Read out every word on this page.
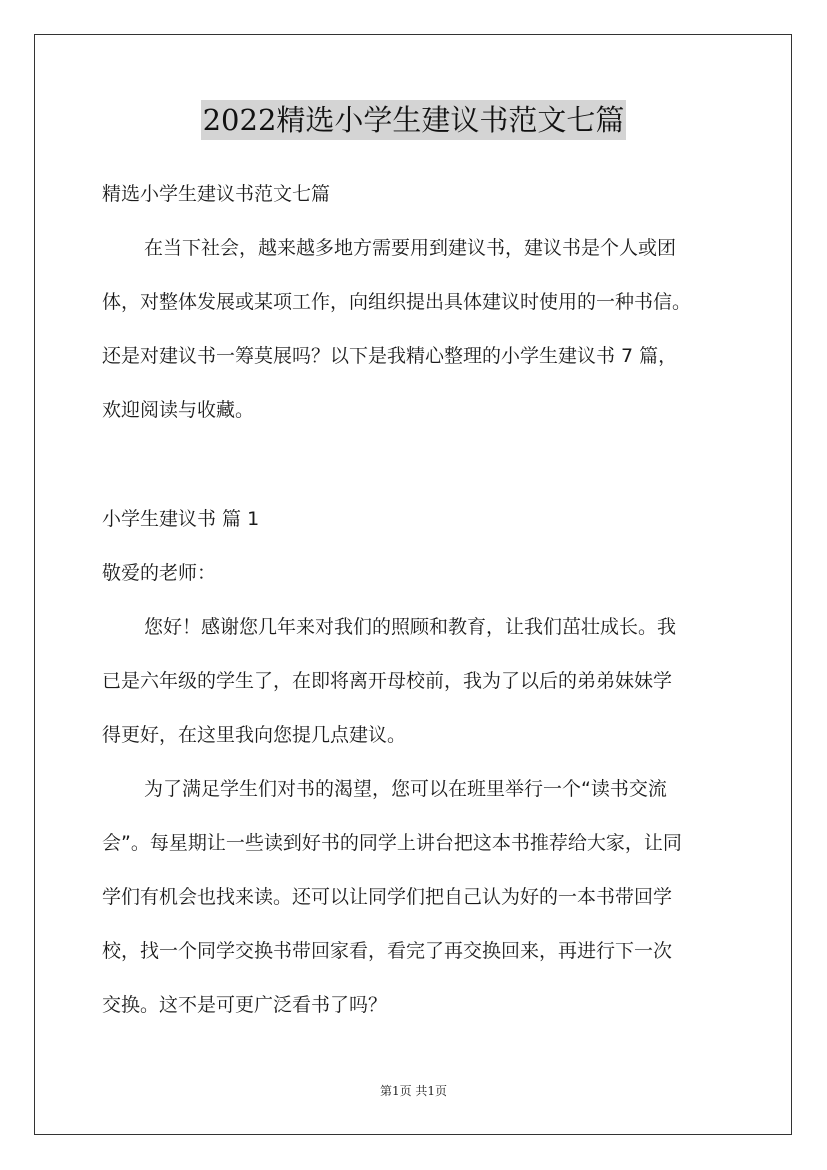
2022精选小学生建议书范文七篇
精选小学生建议书范文七篇
在当下社会，越来越多地方需要用到建议书，建议书是个人或团
体，对整体发展或某项工作，向组织提出具体建议时使用的一种书信。
还是对建议书一筹莫展吗？以下是我精心整理的小学生建议书 7 篇，
欢迎阅读与收藏。
小学生建议书 篇 1
敬爱的老师：
您好！感谢您几年来对我们的照顾和教育，让我们茁壮成长。我
已是六年级的学生了，在即将离开母校前，我为了以后的弟弟妹妹学
得更好，在这里我向您提几点建议。
为了满足学生们对书的渴望，您可以在班里举行一个“读书交流
会”。每星期让一些读到好书的同学上讲台把这本书推荐给大家，让同
学们有机会也找来读。还可以让同学们把自己认为好的一本书带回学
校，找一个同学交换书带回家看，看完了再交换回来，再进行下一次
交换。这不是可更广泛看书了吗？
第1页 共1页
